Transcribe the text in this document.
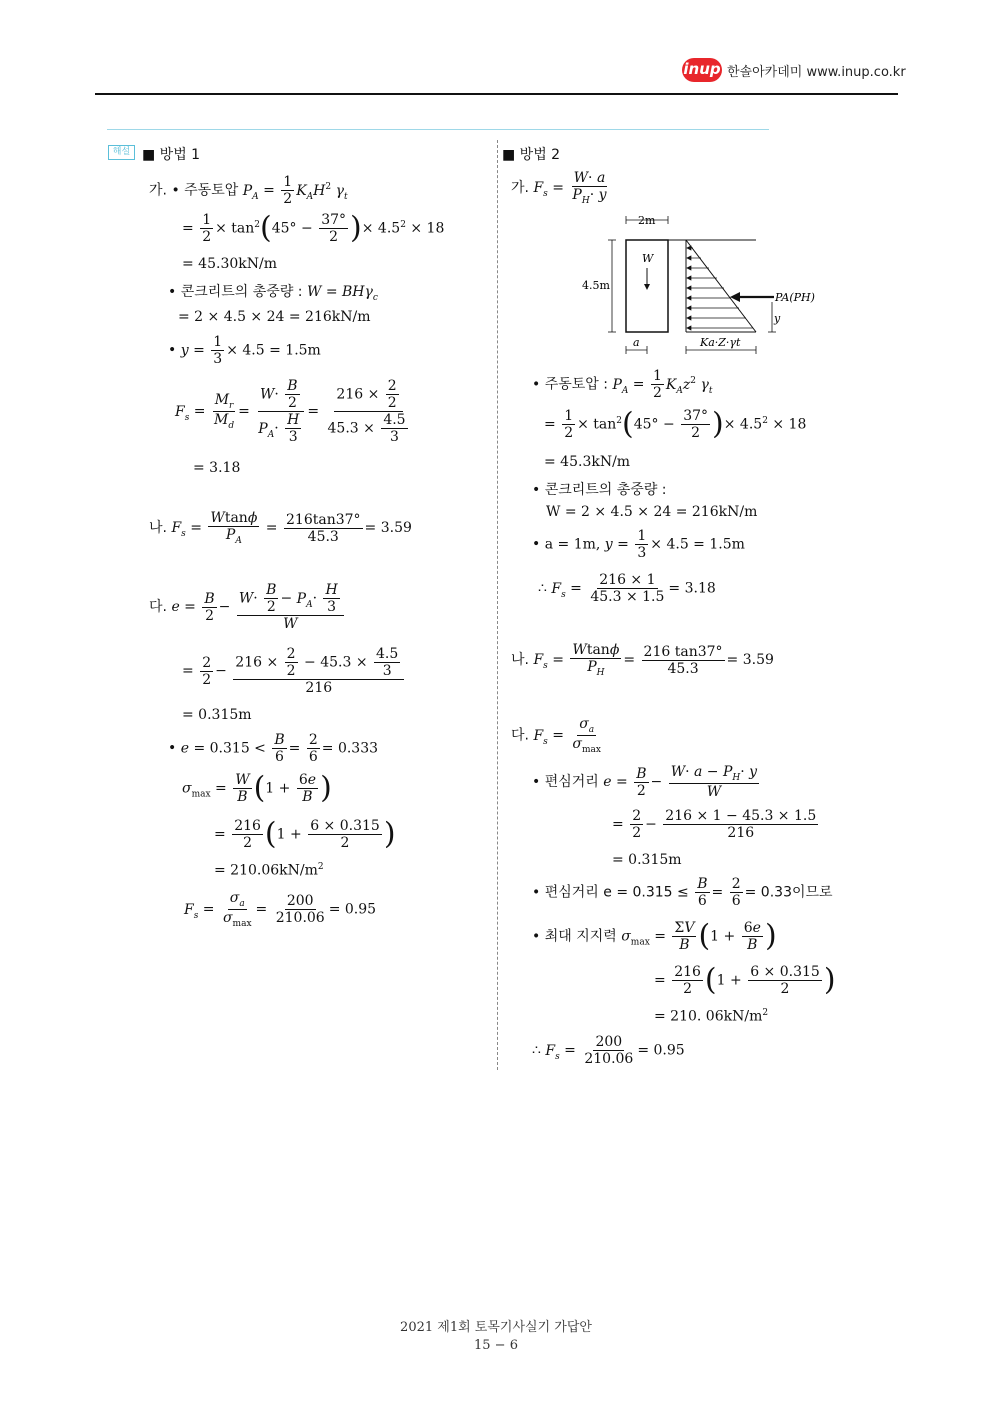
inup 한솔아카데미 www.inup.co.kr
해설 ■ 방법 1
가. • 주동토압 $P_A = \frac{1}{2} K_AH^2$ $\gamma_t$
= $\frac{1}{2} \times \tan^2(45^\circ - \frac{37^\circ}{2}$ )× $4.5^2 \times 18$
= 45.30kN/m
• 콘크리트의 총중량 : W = BHγ$_c$
= 2 × 4.5 × 24 = 216kN/m
• $y = \frac{1}{3} \times 4.5 = 1.5m$
$F_s = \frac{M_r}{M_d} = \frac{W\cdot \frac{B}{2}}{P_A\cdot \frac{H}{3}} = \frac{216 \times \frac{2}{2}}{45.3 \times \frac{4.5}{3}}$
= 3.18
나. $F_s = \frac{Wtan\phi}{P_A} = \frac{216\tan 37^\circ}{45.3} = 3.59$
다. $e = \frac{B}{2} - \frac{W\cdot \frac{B}{2} - P_A\cdot \frac{H}{3}}{W}$
= $\frac{2}{2} - \frac{216 \times \frac{2}{2} - 45.3 \times \frac{4.5}{3}}{216}$
= 0.315m
• $e = 0.315 < \frac{B}{6} = \frac{2}{6} = 0.333$
$\sigma_{max} = \frac{W}{B} (1 + \frac{6e}{B}$ )
= $\frac{216}{2} (1 + \frac{6 \times 0.315}{2}$ )
= $210.06kN/m^2$
$F_s = \frac{\sigma_a}{\sigma_{max}} = \frac{200}{210.06} = 0.95$
■ 방법 2
가. $F_s = \frac{W\cdot a}{P_H\cdot y}$
2m
W
4.5m
PA(PH)
y
a	Ka·Z·γt
• 주동토압 : $P_A = \frac{1}{2} K_Az^2$ $\gamma_t$
= $\frac{1}{2} \times \tan^2(45^\circ - \frac{37^\circ}{2}$ )× $4.5^2 \times 18$
= 45.3kN/m
• 콘크리트의 총중량 :
W = 2 × 4.5 × 24 = 216kN/m
• a = 1m, $y = \frac{1}{3} \times 4.5 = 1.5m$
∴ $F_s = \frac{216 \times 1}{45.3 \times 1.5} = 3.18$
나. $F_s = \frac{Wtan\phi}{P_H} = \frac{216 \tan 37^\circ}{45.3} = 3.59$
다. $F_s = \frac{\sigma_a}{\sigma_{max}}$
• 편심거리 $e = \frac{B}{2} - \frac{W\cdot a - P_H\cdot y}{W}$
= $\frac{2}{2} - \frac{216 \times 1 - 45.3 \times 1.5}{216}$
= 0.315m
• 편심거리 $e = 0.315 \le \frac{B}{6} = \frac{2}{6} = 0.33$이므로
• 최대 지지력 $\sigma_{max} = \frac{\Sigma V}{B} (1 + \frac{6e}{B}$ )
= $\frac{216}{2} (1 + \frac{6 \times 0.315}{2}$ )
= 210. $06kN/m^2$
∴ $F_s = \frac{200}{210.06} = 0.95$
2021 제1회 토목기사실기 가답안
15 − 6
